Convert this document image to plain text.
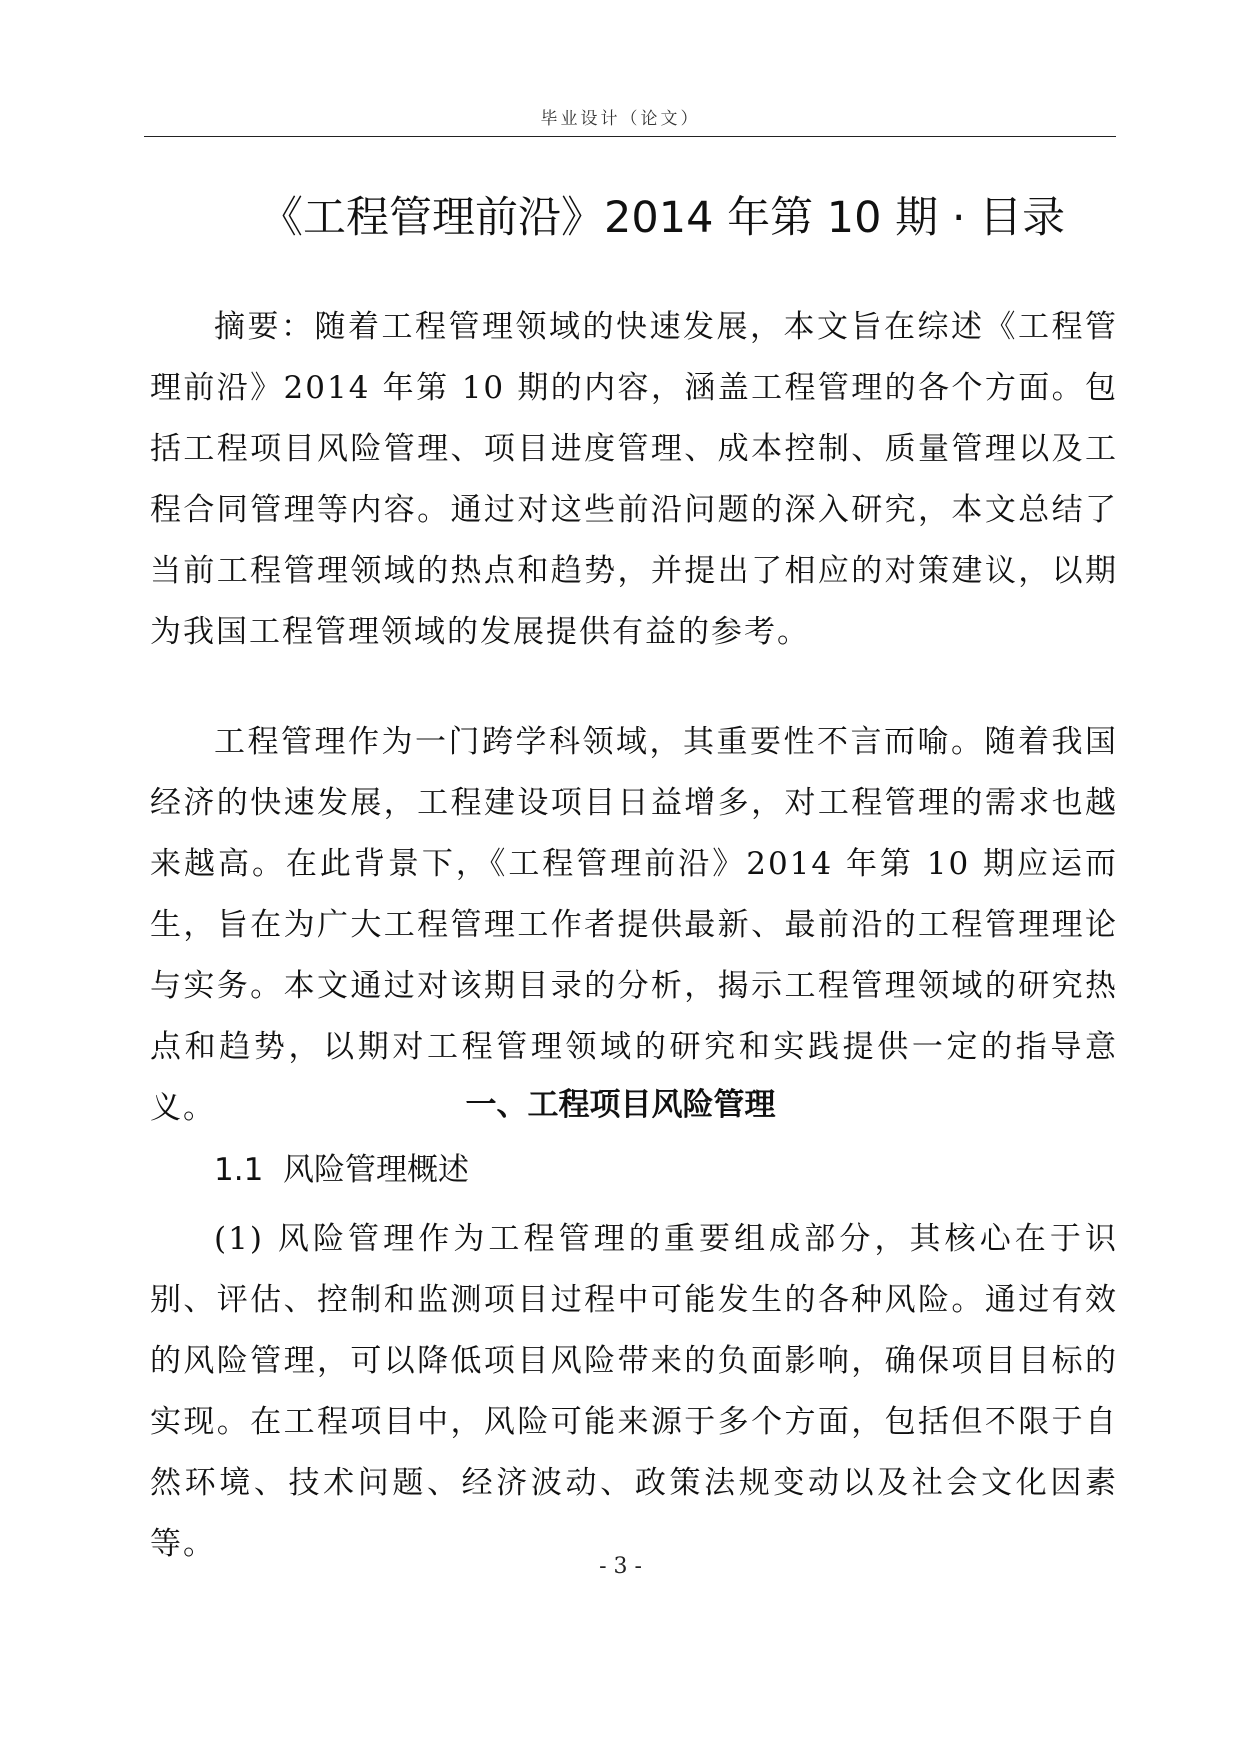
毕业设计（论文）
《工程管理前沿》2014 年第 10 期 · 目录

摘要：随着工程管理领域的快速发展，本文旨在综述《工程管理前沿》2014 年第 10 期的内容，涵盖工程管理的各个方面。包括工程项目风险管理、项目进度管理、成本控制、质量管理以及工程合同管理等内容。通过对这些前沿问题的深入研究，本文总结了当前工程管理领域的热点和趋势，并提出了相应的对策建议，以期为我国工程管理领域的发展提供有益的参考。

工程管理作为一门跨学科领域，其重要性不言而喻。随着我国经济的快速发展，工程建设项目日益增多，对工程管理的需求也越来越高。在此背景下，《工程管理前沿》2014 年第 10 期应运而生，旨在为广大工程管理工作者提供最新、最前沿的工程管理理论与实务。本文通过对该期目录的分析，揭示工程管理领域的研究热点和趋势，以期对工程管理领域的研究和实践提供一定的指导意义。	一、工程项目风险管理
1.1  风险管理概述

(1) 风险管理作为工程管理的重要组成部分，其核心在于识别、评估、控制和监测项目过程中可能发生的各种风险。通过有效的风险管理，可以降低项目风险带来的负面影响，确保项目目标的实现。在工程项目中，风险可能来源于多个方面，包括但不限于自然环境、技术问题、经济波动、政策法规变动以及社会文化因素等。

- 3 -
